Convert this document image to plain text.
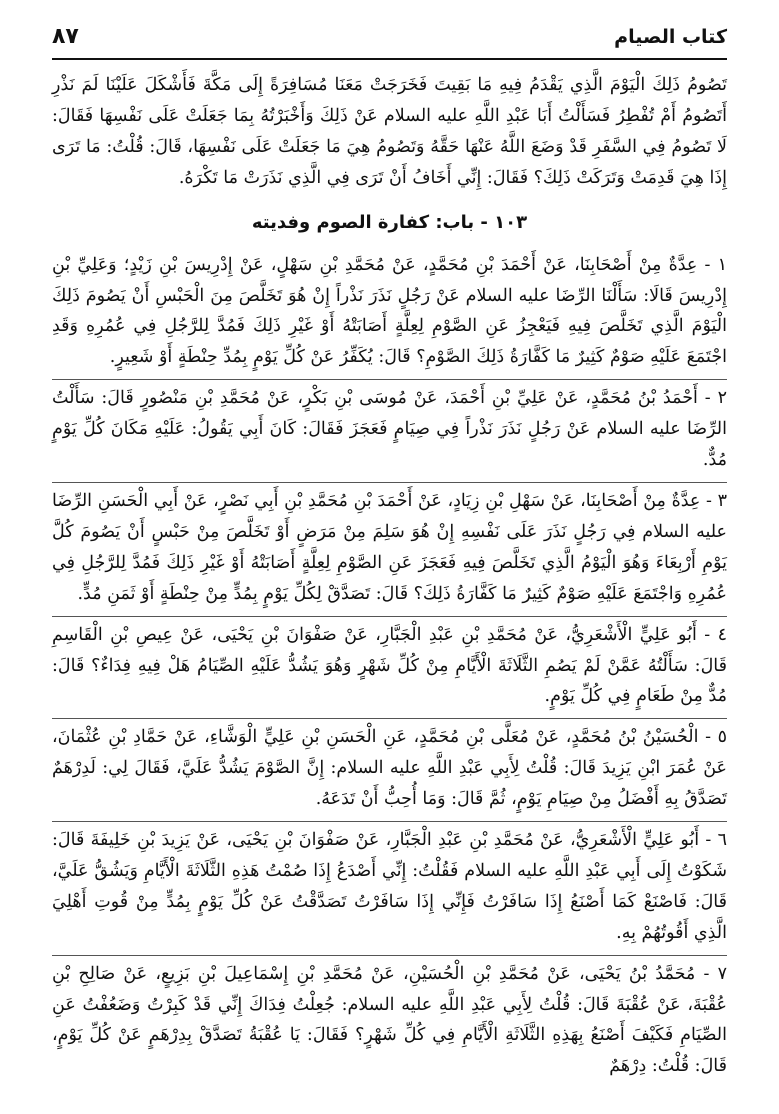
كتاب الصيام
٨٧

تَصُومُ ذَلِكَ الْيَوْمَ الَّذِي يَقْدَمُ فِيهِ مَا بَقِيتَ فَخَرَجَتْ مَعَنَا مُسَافِرَةً إِلَى مَكَّةَ فَأَشْكَلَ عَلَيْنَا لَمَ نَذْرِ أَتَصُومُ أَمْ تُفْطِرُ فَسَأَلْتُ أَبَا عَبْدِ اللَّهِ عليه السلام عَنْ ذَلِكَ وَأَخْبَرْتُهُ بِمَا جَعَلَتْ عَلَى نَفْسِهَا فَقَالَ: لَا تَصُومُ فِي السَّفَرِ قَدْ وَضَعَ اللَّهُ عَنْهَا حَقَّهُ وَتَصُومُ هِيَ مَا جَعَلَتْ عَلَى نَفْسِهَا، قَالَ: قُلْتُ: مَا تَرَى إِذَا هِيَ قَدِمَتْ وَتَرَكَتْ ذَلِكَ؟ فَقَالَ: إِنِّي أَخَافُ أَنْ تَرَى فِي الَّذِي نَذَرَتْ مَا تَكْرَهُ.

١٠٣ - باب: كفارة الصوم وفديته

١ - عِدَّةٌ مِنْ أَصْحَابِنَا، عَنْ أَحْمَدَ بْنِ مُحَمَّدٍ، عَنْ مُحَمَّدِ بْنِ سَهْلٍ، عَنْ إِدْرِيسَ بْنِ زَيْدٍ؛ وَعَلِيِّ بْنِ إِدْرِيسَ قَالَا: سَأَلْنَا الرِّضَا عليه السلام عَنْ رَجُلٍ نَذَرَ نَذْراً إِنْ هُوَ تَخَلَّصَ مِنَ الْحَبْسِ أَنْ يَصُومَ ذَلِكَ الْيَوْمَ الَّذِي تَخَلَّصَ فِيهِ فَيَعْجِزُ عَنِ الصَّوْمِ لِعِلَّةٍ أَصَابَتْهُ أَوْ غَيْرِ ذَلِكَ فَمُدَّ لِلرَّجُلِ فِي عُمُرِهِ وَقَدِ اجْتَمَعَ عَلَيْهِ صَوْمٌ كَثِيرٌ مَا كَفَّارَةُ ذَلِكَ الصَّوْمِ؟ قَالَ: يُكَفِّرُ عَنْ كُلِّ يَوْمٍ بِمُدِّ حِنْطَةٍ أَوْ شَعِيرٍ.

٢ - أَحْمَدُ بْنُ مُحَمَّدٍ، عَنْ عَلِيِّ بْنِ أَحْمَدَ، عَنْ مُوسَى بْنِ بَكْرٍ، عَنْ مُحَمَّدِ بْنِ مَنْصُورٍ قَالَ: سَأَلْتُ الرِّضَا عليه السلام عَنْ رَجُلٍ نَذَرَ نَذْراً فِي صِيَامٍ فَعَجَزَ فَقَالَ: كَانَ أَبِي يَقُولُ: عَلَيْهِ مَكَانَ كُلِّ يَوْمٍ مُدٌّ.

٣ - عِدَّةٌ مِنْ أَصْحَابِنَا، عَنْ سَهْلِ بْنِ زِيَادٍ، عَنْ أَحْمَدَ بْنِ مُحَمَّدِ بْنِ أَبِي نَصْرٍ، عَنْ أَبِي الْحَسَنِ الرِّضَا عليه السلام فِي رَجُلٍ نَذَرَ عَلَى نَفْسِهِ إِنْ هُوَ سَلِمَ مِنْ مَرَضٍ أَوْ تَخَلَّصَ مِنْ حَبْسٍ أَنْ يَصُومَ كُلَّ يَوْمِ أَرْبِعَاءَ وَهُوَ الْيَوْمُ الَّذِي تَخَلَّصَ فِيهِ فَعَجَزَ عَنِ الصَّوْمِ لِعِلَّةٍ أَصَابَتْهُ أَوْ غَيْرِ ذَلِكَ فَمُدَّ لِلرَّجُلِ فِي عُمُرِهِ وَاجْتَمَعَ عَلَيْهِ صَوْمٌ كَثِيرٌ مَا كَفَّارَةُ ذَلِكَ؟ قَالَ: تَصَدَّقْ لِكُلِّ يَوْمٍ بِمُدٍّ مِنْ حِنْطَةٍ أَوْ ثَمَنِ مُدٍّ.

٤ - أَبُو عَلِيٍّ الْأَشْعَرِيُّ، عَنْ مُحَمَّدِ بْنِ عَبْدِ الْجَبَّارِ، عَنْ صَفْوَانَ بْنِ يَحْيَى، عَنْ عِيصِ بْنِ الْقَاسِمِ قَالَ: سَأَلْتُهُ عَمَّنْ لَمْ يَصُمِ الثَّلَاثَةَ الْأَيَّامِ مِنْ كُلِّ شَهْرٍ وَهُوَ يَشُدُّ عَلَيْهِ الصِّيَامُ هَلْ فِيهِ فِدَاءٌ؟ قَالَ: مُدٌّ مِنْ طَعَامٍ فِي كُلِّ يَوْمٍ.

٥ - الْحُسَيْنُ بْنُ مُحَمَّدٍ، عَنْ مُعَلَّى بْنِ مُحَمَّدٍ، عَنِ الْحَسَنِ بْنِ عَلِيٍّ الْوَشَّاءِ، عَنْ حَمَّادِ بْنِ عُثْمَانَ، عَنْ عُمَرَ ابْنِ يَزِيدَ قَالَ: قُلْتُ لِأَبِي عَبْدِ اللَّهِ عليه السلام: إِنَّ الصَّوْمَ يَشُدُّ عَلَيَّ، فَقَالَ لِي: لَدِرْهَمٌ تَصَدَّقُ بِهِ أَفْضَلُ مِنْ صِيَامِ يَوْمٍ، ثُمَّ قَالَ: وَمَا أُحِبُّ أَنْ تَدَعَهُ.

٦ - أَبُو عَلِيٍّ الْأَشْعَرِيُّ، عَنْ مُحَمَّدِ بْنِ عَبْدِ الْجَبَّارِ، عَنْ صَفْوَانَ بْنِ يَحْيَى، عَنْ يَزِيدَ بْنِ خَلِيفَةَ قَالَ: شَكَوْتُ إِلَى أَبِي عَبْدِ اللَّهِ عليه السلام فَقُلْتُ: إِنِّي أَصْدَعُ إِذَا صُمْتُ هَذِهِ الثَّلَاثَةَ الْأَيَّامِ وَيَشُقُّ عَلَيَّ، قَالَ: فَاصْنَعْ كَمَا أَصْنَعُ إِذَا سَافَرْتُ فَإِنِّي إِذَا سَافَرْتُ تَصَدَّقْتُ عَنْ كُلِّ يَوْمٍ بِمُدٍّ مِنْ قُوتِ أَهْلِيَ الَّذِي أَقُوتُهُمْ بِهِ.

٧ - مُحَمَّدُ بْنُ يَحْيَى، عَنْ مُحَمَّدِ بْنِ الْحُسَيْنِ، عَنْ مُحَمَّدِ بْنِ إِسْمَاعِيلَ بْنِ بَزِيعٍ، عَنْ صَالِحِ بْنِ عُقْبَةَ، عَنْ عُقْبَةَ قَالَ: قُلْتُ لِأَبِي عَبْدِ اللَّهِ عليه السلام: جُعِلْتُ فِدَاكَ إِنِّي قَدْ كَبِرْتُ وَضَعُفْتُ عَنِ الصِّيَامِ فَكَيْفَ أَصْنَعُ بِهَذِهِ الثَّلَاثَةِ الْأَيَّامِ فِي كُلِّ شَهْرٍ؟ فَقَالَ: يَا عُقْبَةُ تَصَدَّقْ بِدِرْهَمٍ عَنْ كُلِّ يَوْمٍ، قَالَ: قُلْتُ: دِرْهَمٌ
